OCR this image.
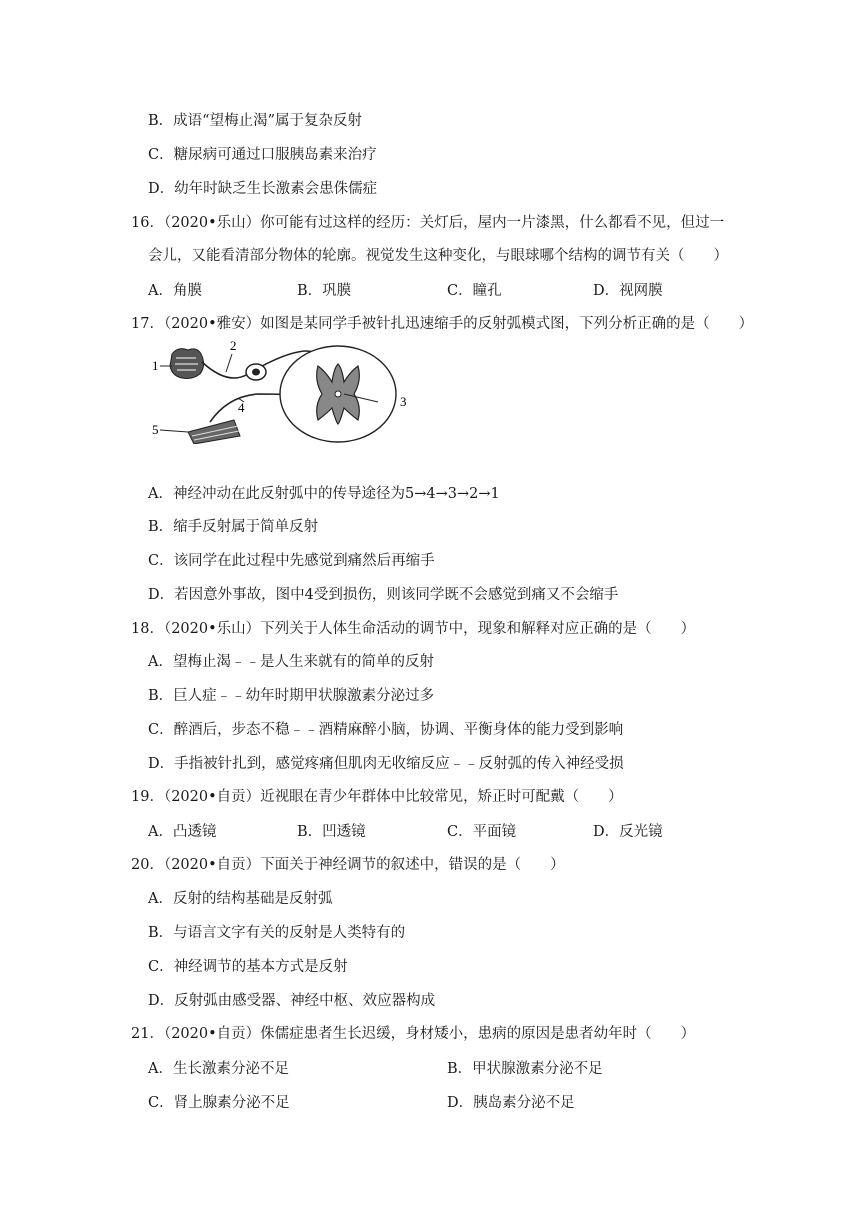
B．成语“望梅止渴”属于复杂反射
C．糖尿病可通过口服胰岛素来治疗
D．幼年时缺乏生长激素会患侏儒症
16．（2020•乐山）你可能有过这样的经历：关灯后，屋内一片漆黑，什么都看不见，但过一
会儿，又能看清部分物体的轮廓。视觉发生这种变化，与眼球哪个结构的调节有关（　　）
A．角膜	B．巩膜	C．瞳孔	D．视网膜
17．（2020•雅安）如图是某同学手被针扎迅速缩手的反射弧模式图，下列分析正确的是（　　）
1
2
3
4
5
A．神经冲动在此反射弧中的传导途径为5→4→3→2→1
B．缩手反射属于简单反射
C．该同学在此过程中先感觉到痛然后再缩手
D．若因意外事故，图中4受到损伤，则该同学既不会感觉到痛又不会缩手
18．（2020•乐山）下列关于人体生命活动的调节中，现象和解释对应正确的是（　　）
A．望梅止渴﹣﹣是人生来就有的简单的反射
B．巨人症﹣﹣幼年时期甲状腺激素分泌过多
C．醉酒后，步态不稳﹣﹣酒精麻醉小脑，协调、平衡身体的能力受到影响
D．手指被针扎到，感觉疼痛但肌肉无收缩反应﹣﹣反射弧的传入神经受损
19．（2020•自贡）近视眼在青少年群体中比较常见，矫正时可配戴（　　）
A．凸透镜	B．凹透镜	C．平面镜	D．反光镜
20．（2020•自贡）下面关于神经调节的叙述中，错误的是（　　）
A．反射的结构基础是反射弧
B．与语言文字有关的反射是人类特有的
C．神经调节的基本方式是反射
D．反射弧由感受器、神经中枢、效应器构成
21．（2020•自贡）侏儒症患者生长迟缓，身材矮小，患病的原因是患者幼年时（　　）
A．生长激素分泌不足	B．甲状腺激素分泌不足
C．肾上腺素分泌不足	D．胰岛素分泌不足
